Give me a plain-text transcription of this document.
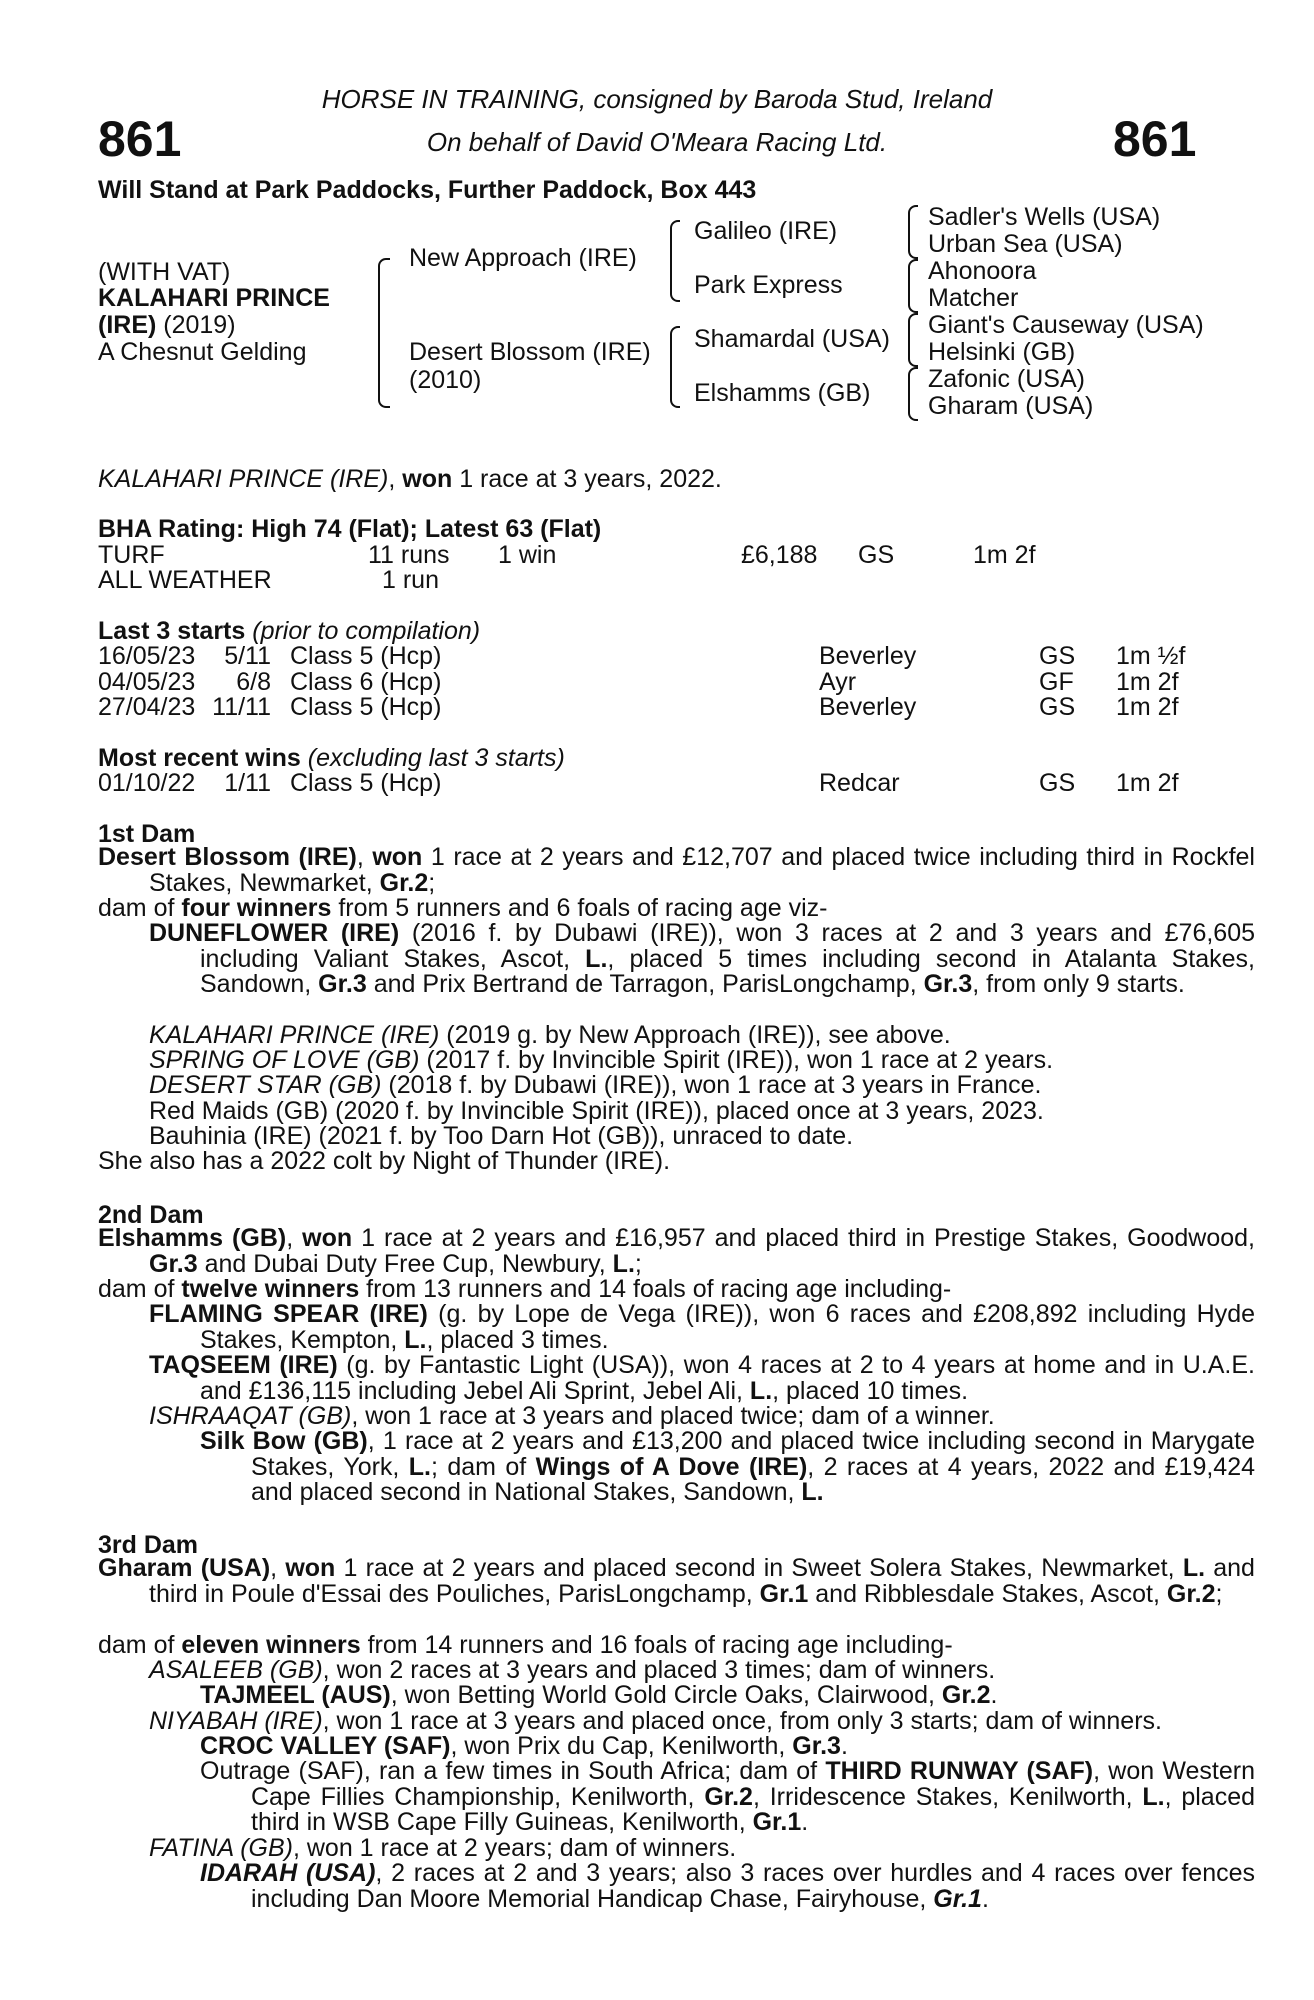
HORSE IN TRAINING, consigned by Baroda Stud, Ireland
861	On behalf of David O'Meara Racing Ltd.	861
Will Stand at Park Paddocks, Further Paddock, Box 443
(WITH VAT)
KALAHARI PRINCE
(IRE) (2019)
A Chesnut Gelding
New Approach (IRE)
Desert Blossom (IRE)
(2010)
Galileo (IRE)
Park Express
Shamardal (USA)
Elshamms (GB)
Sadler's Wells (USA)
Urban Sea (USA)
Ahonoora
Matcher
Giant's Causeway (USA)
Helsinki (GB)
Zafonic (USA)
Gharam (USA)
KALAHARI PRINCE (IRE), won 1 race at 3 years, 2022.
BHA Rating: High 74 (Flat); Latest 63 (Flat)
TURF	11 runs 1 win	£6,188 GS	1m 2f
ALL WEATHER	1 run
Last 3 starts (prior to compilation)
16/05/23	5/11 Class 5 (Hcp)	Beverley	GS 1m ½f
04/05/23	6/8 Class 6 (Hcp)	Ayr	GF 1m 2f
27/04/23 11/11 Class 5 (Hcp)	Beverley	GS 1m 2f
Most recent wins (excluding last 3 starts)
01/10/22	1/11 Class 5 (Hcp)	Redcar	GS 1m 2f
1st Dam
Desert Blossom (IRE), won 1 race at 2 years and £12,707 and placed twice including third in Rockfel Stakes, Newmarket, Gr.2;
dam of four winners from 5 runners and 6 foals of racing age viz-
DUNEFLOWER (IRE) (2016 f. by Dubawi (IRE)), won 3 races at 2 and 3 years and £76,605 including Valiant Stakes, Ascot, L., placed 5 times including second in Atalanta Stakes, Sandown, Gr.3 and Prix Bertrand de Tarragon, ParisLongchamp, Gr.3, from only 9 starts.
KALAHARI PRINCE (IRE) (2019 g. by New Approach (IRE)), see above.
SPRING OF LOVE (GB) (2017 f. by Invincible Spirit (IRE)), won 1 race at 2 years.
DESERT STAR (GB) (2018 f. by Dubawi (IRE)), won 1 race at 3 years in France.
Red Maids (GB) (2020 f. by Invincible Spirit (IRE)), placed once at 3 years, 2023.
Bauhinia (IRE) (2021 f. by Too Darn Hot (GB)), unraced to date.
She also has a 2022 colt by Night of Thunder (IRE).
2nd Dam
Elshamms (GB), won 1 race at 2 years and £16,957 and placed third in Prestige Stakes, Goodwood, Gr.3 and Dubai Duty Free Cup, Newbury, L.;
dam of twelve winners from 13 runners and 14 foals of racing age including-
FLAMING SPEAR (IRE) (g. by Lope de Vega (IRE)), won 6 races and £208,892 including Hyde Stakes, Kempton, L., placed 3 times.
TAQSEEM (IRE) (g. by Fantastic Light (USA)), won 4 races at 2 to 4 years at home and in U.A.E. and £136,115 including Jebel Ali Sprint, Jebel Ali, L., placed 10 times.
ISHRAAQAT (GB), won 1 race at 3 years and placed twice; dam of a winner.
Silk Bow (GB), 1 race at 2 years and £13,200 and placed twice including second in Marygate Stakes, York, L.; dam of Wings of A Dove (IRE), 2 races at 4 years, 2022 and £19,424 and placed second in National Stakes, Sandown, L.
3rd Dam
Gharam (USA), won 1 race at 2 years and placed second in Sweet Solera Stakes, Newmarket, L. and third in Poule d'Essai des Pouliches, ParisLongchamp, Gr.1 and Ribblesdale Stakes, Ascot, Gr.2;
dam of eleven winners from 14 runners and 16 foals of racing age including-
ASALEEB (GB), won 2 races at 3 years and placed 3 times; dam of winners.
TAJMEEL (AUS), won Betting World Gold Circle Oaks, Clairwood, Gr.2.
NIYABAH (IRE), won 1 race at 3 years and placed once, from only 3 starts; dam of winners.
CROC VALLEY (SAF), won Prix du Cap, Kenilworth, Gr.3.
Outrage (SAF), ran a few times in South Africa; dam of THIRD RUNWAY (SAF), won Western Cape Fillies Championship, Kenilworth, Gr.2, Irridescence Stakes, Kenilworth, L., placed third in WSB Cape Filly Guineas, Kenilworth, Gr.1.
FATINA (GB), won 1 race at 2 years; dam of winners.
IDARAH (USA), 2 races at 2 and 3 years; also 3 races over hurdles and 4 races over fences including Dan Moore Memorial Handicap Chase, Fairyhouse, Gr.1.
